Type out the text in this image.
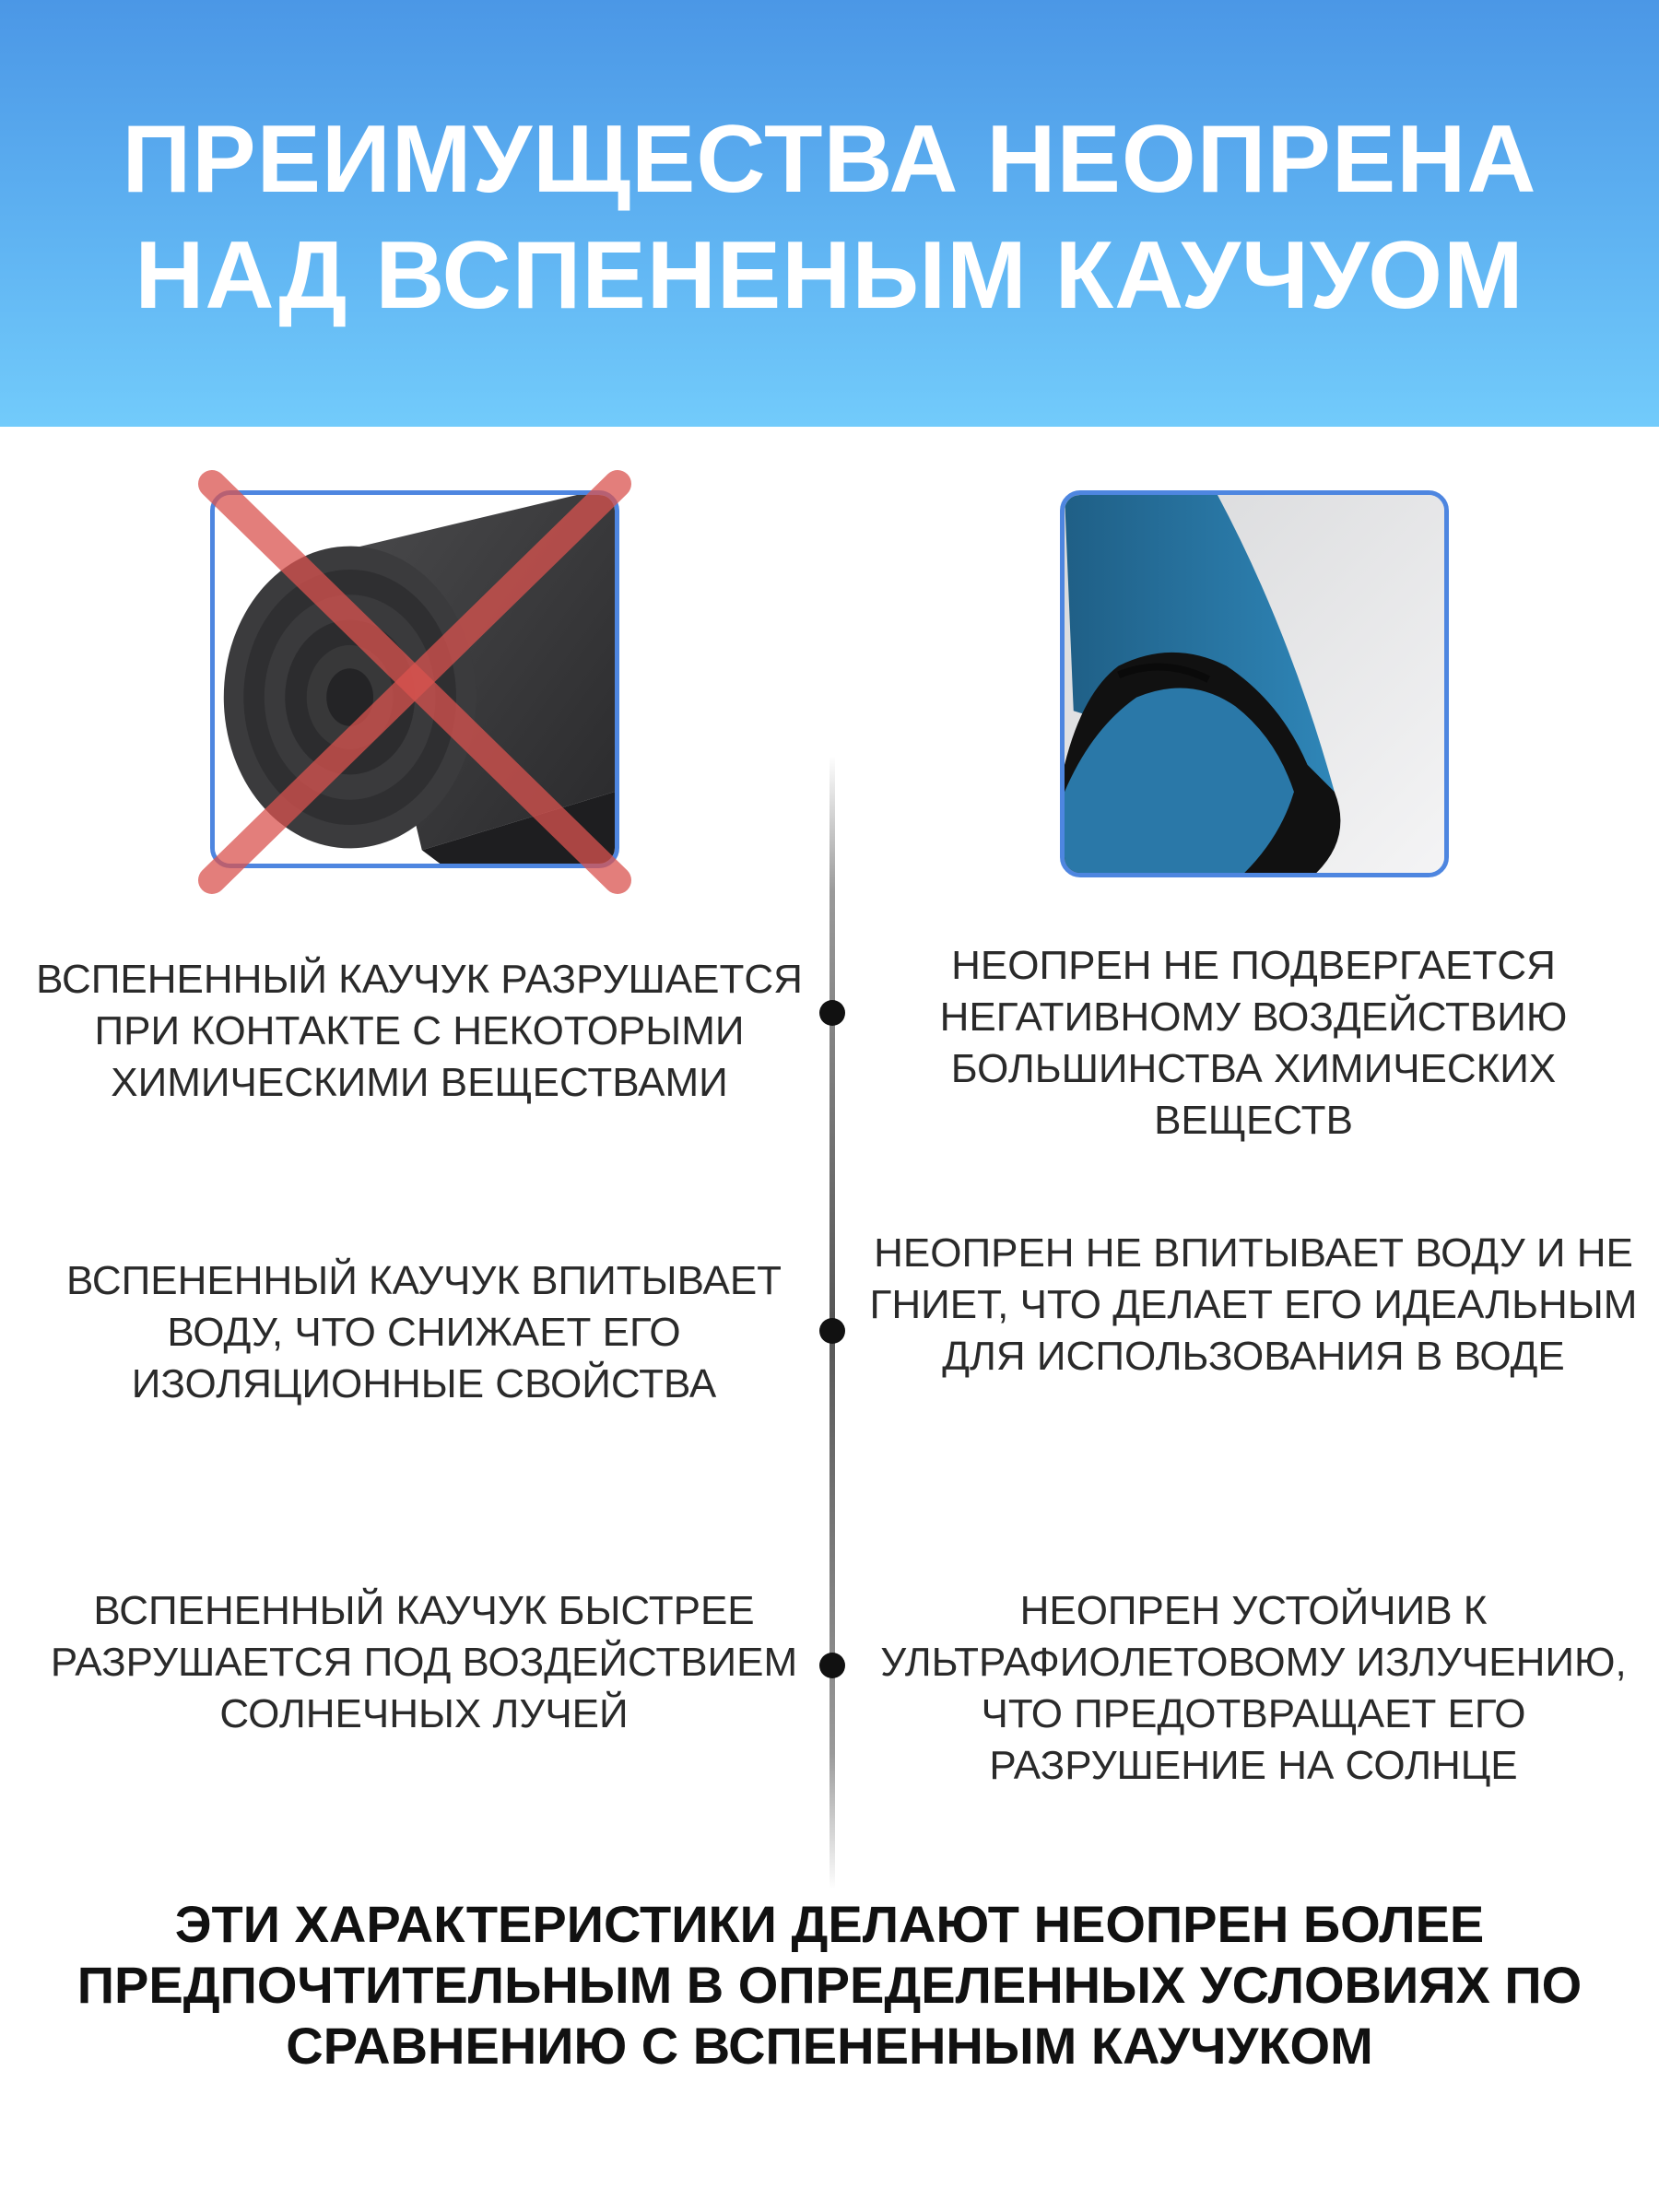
ПРЕИМУЩЕСТВА НЕОПРЕНА
НАД ВСПЕНЕНЫМ КАУЧУОМ

ВСПЕНЕННЫЙ КАУЧУК РАЗРУШАЕТСЯ ПРИ КОНТАКТЕ С НЕКОТОРЫМИ ХИМИЧЕСКИМИ ВЕЩЕСТВАМИ

ВСПЕНЕННЫЙ КАУЧУК ВПИТЫВАЕТ ВОДУ, ЧТО СНИЖАЕТ ЕГО ИЗОЛЯЦИОННЫЕ СВОЙСТВА

ВСПЕНЕННЫЙ КАУЧУК БЫСТРЕЕ РАЗРУШАЕТСЯ ПОД ВОЗДЕЙСТВИЕМ СОЛНЕЧНЫХ ЛУЧЕЙ

НЕОПРЕН НЕ ПОДВЕРГАЕТСЯ НЕГАТИВНОМУ ВОЗДЕЙСТВИЮ БОЛЬШИНСТВА ХИМИЧЕСКИХ ВЕЩЕСТВ

НЕОПРЕН НЕ ВПИТЫВАЕТ ВОДУ И НЕ ГНИЕТ, ЧТО ДЕЛАЕТ ЕГО ИДЕАЛЬНЫМ ДЛЯ ИСПОЛЬЗОВАНИЯ В ВОДЕ

НЕОПРЕН УСТОЙЧИВ К УЛЬТРАФИОЛЕТОВОМУ ИЗЛУЧЕНИЮ, ЧТО ПРЕДОТВРАЩАЕТ ЕГО РАЗРУШЕНИЕ НА СОЛНЦЕ

ЭТИ ХАРАКТЕРИСТИКИ ДЕЛАЮТ НЕОПРЕН БОЛЕЕ ПРЕДПОЧТИТЕЛЬНЫМ В ОПРЕДЕЛЕННЫХ УСЛОВИЯХ ПО СРАВНЕНИЮ С ВСПЕНЕННЫМ КАУЧУКОМ
